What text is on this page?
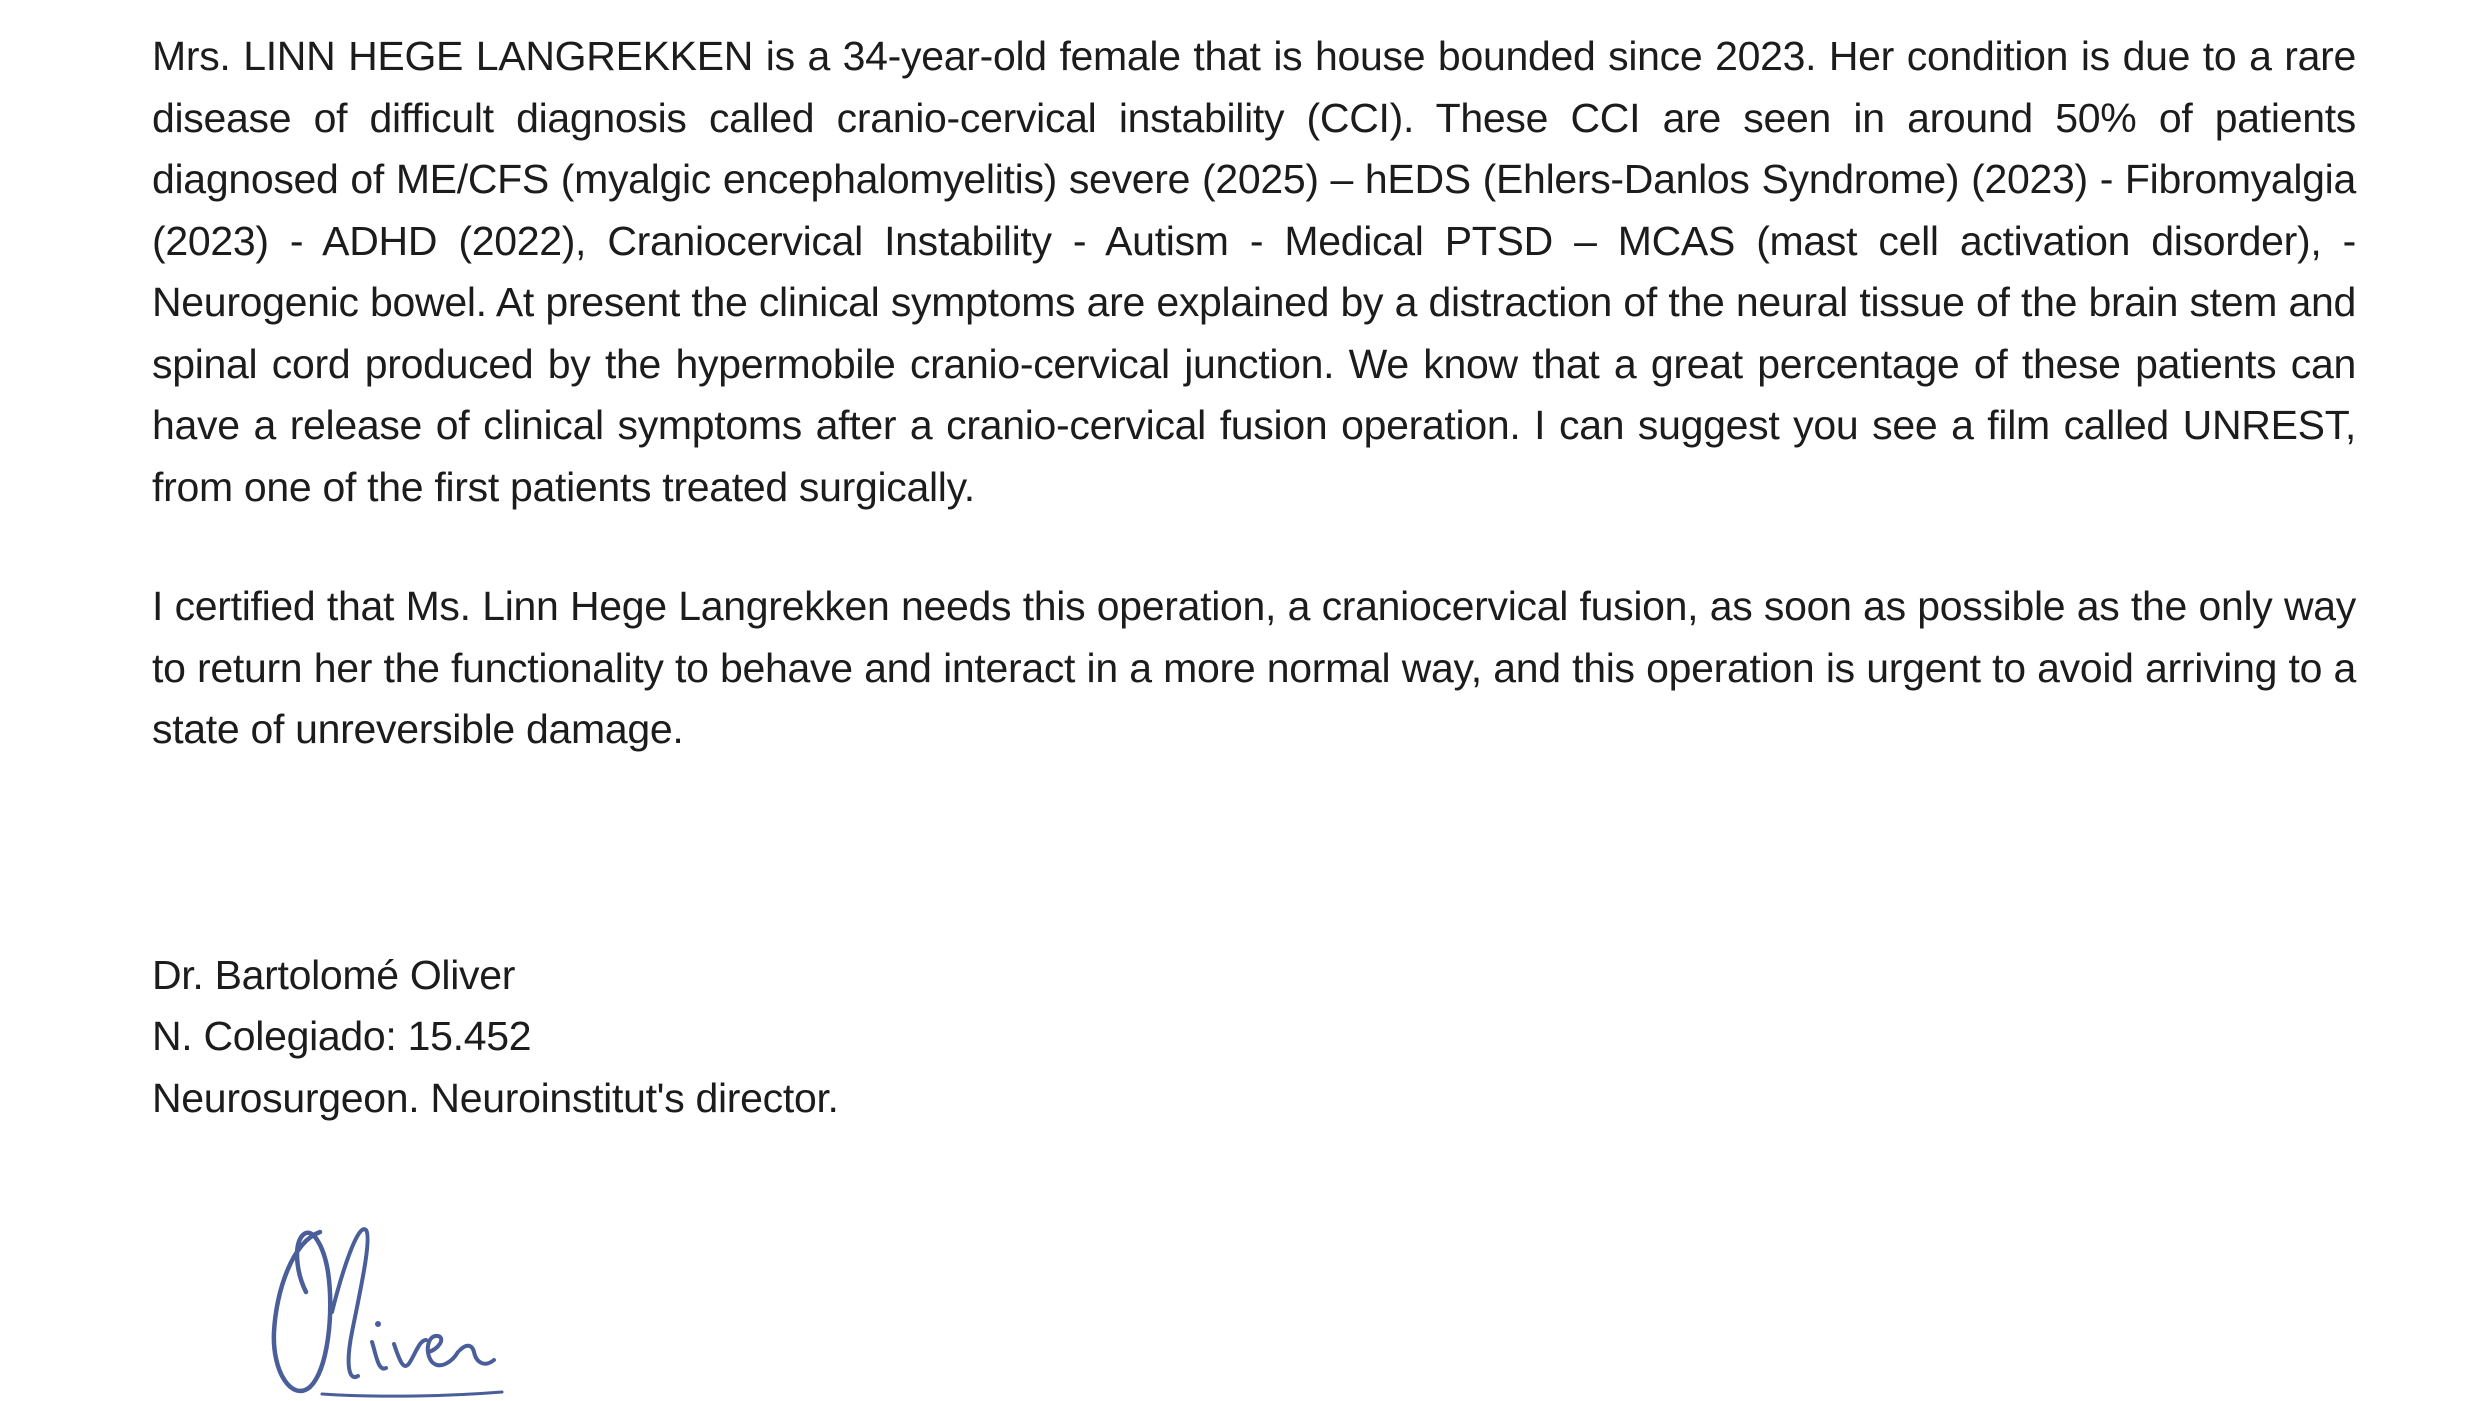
Mrs. LINN HEGE LANGREKKEN is a 34-year-old female that is house bounded since 2023. Her condition is due to a rare disease of difficult diagnosis called cranio-cervical instability (CCI). These CCI are seen in around 50% of patients diagnosed of ME/CFS (myalgic encephalomyelitis) severe (2025) – hEDS (Ehlers-Danlos Syndrome) (2023) - Fibromyalgia (2023) - ADHD (2022), Craniocervical Instability - Autism - Medical PTSD – MCAS (mast cell activation disorder), - Neurogenic bowel. At present the clinical symptoms are explained by a distraction of the neural tissue of the brain stem and spinal cord produced by the hypermobile cranio-cervical junction. We know that a great percentage of these patients can have a release of clinical symptoms after a cranio-cervical fusion operation. I can suggest you see a film called UNREST, from one of the first patients treated surgically.

I certified that Ms. Linn Hege Langrekken needs this operation, a craniocervical fusion, as soon as possible as the only way to return her the functionality to behave and interact in a more normal way, and this operation is urgent to avoid arriving to a state of unreversible damage.

Dr. Bartolomé Oliver

N. Colegiado: 15.452

Neurosurgeon. Neuroinstitut's director.
